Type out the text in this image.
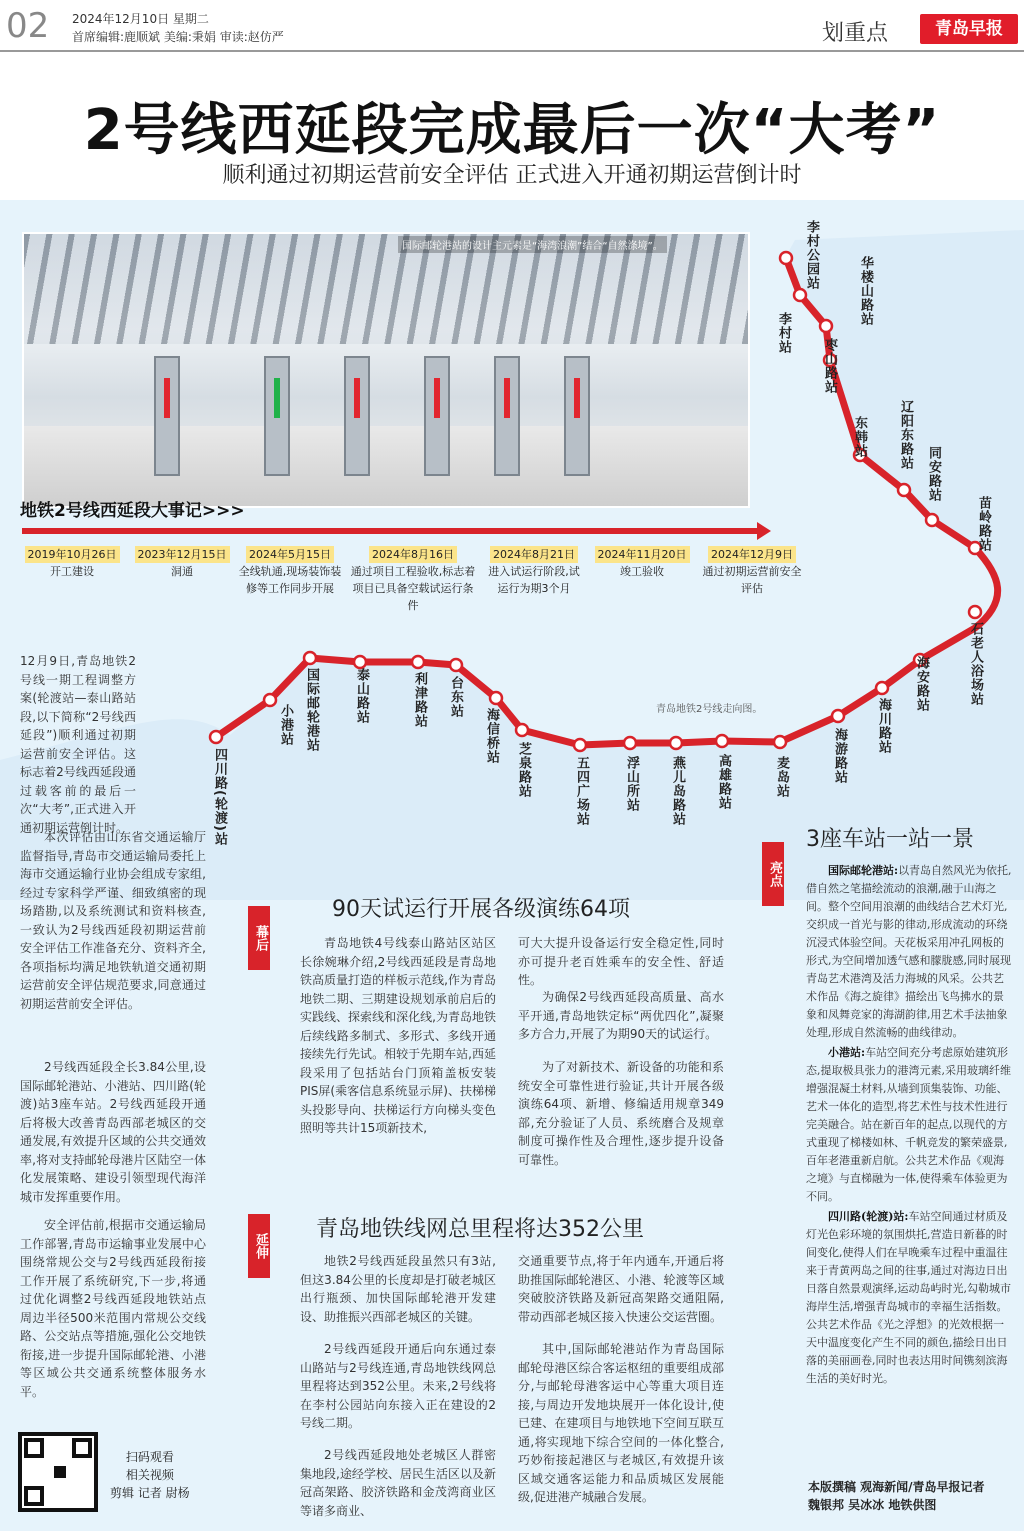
02 2024年12月10日 星期二
首席编辑:鹿顺斌 美编:秉娟 审读:赵仿严	划重点	青岛早报
2号线西延段完成最后一次“大考”
顺利通过初期运营前安全评估 正式进入开通初期运营倒计时
国际邮轮港站的设计主元素是“海湾浪潮”结合“自然涤境”。
地铁2号线西延段大事记>>>
2019年10月26日
开工建设
2023年12月15日
洞通
2024年5月15日
全线轨通,现场装饰装修等工作同步开展
2024年8月16日
通过项目工程验收,标志着项目已具备空载试运行条件
2024年8月21日
进入试运行阶段,试运行为期3个月
2024年11月20日
竣工验收
2024年12月9日
通过初期运营前安全评估
四川路(轮渡)站
小港站 国际邮轮港站	泰山路站	利津路站 台东站
海信桥站
芝泉路站	五四广场站	浮山所站 燕儿岛路站 高雄路站	麦岛站	海游路站
海川路站
海安路站	石老人浴场站
苗岭路站
同安路站
辽阳东路站
东韩站
枣山路站
华楼山路站
李村站
李村公园站
青岛地铁2号线走向图。
12月9日,青岛地铁2号线一期工程调整方案(轮渡站—泰山路站段,以下简称“2号线西延段”)顺利通过初期运营前安全评估。这标志着2号线西延段通过载客前的最后一次“大考”,正式进入开通初期运营倒计时。
本次评估由山东省交通运输厅监督指导,青岛市交通运输局委托上海市交通运输行业协会组成专家组,经过专家科学严谨、细致缜密的现场踏勘,以及系统测试和资料核查,一致认为2号线西延段初期运营前安全评估工作准备充分、资料齐全,各项指标均满足地铁轨道交通初期运营前安全评估规范要求,同意通过初期运营前安全评估。
2号线西延段全长3.84公里,设国际邮轮港站、小港站、四川路(轮渡)站3座车站。2号线西延段开通后将极大改善青岛西部老城区的交通发展,有效提升区域的公共交通效率,将对支持邮轮母港片区陆空一体化发展策略、建设引领型现代海洋城市发挥重要作用。
安全评估前,根据市交通运输局工作部署,青岛市运输事业发展中心围绕常规公交与2号线西延段衔接工作开展了系统研究,下一步,将通过优化调整2号线西延段地铁站点周边半径500米范围内常规公交线路、公交站点等措施,强化公交地铁衔接,进一步提升国际邮轮港、小港等区域公共交通系统整体服务水平。
幕后
90天试运行开展各级演练64项
青岛地铁4号线泰山路站区站区长徐婉琳介绍,2号线西延段是青岛地铁高质量打造的样板示范线,作为青岛地铁二期、三期建设规划承前启后的实践线、探索线和深化线,为青岛地铁后续线路多制式、多形式、多线开通接续先行先试。相较于先期车站,西延段采用了包括站台门顶箱盖板安装PIS屏(乘客信息系统显示屏)、扶梯梯头投影导向、扶梯运行方向梯头变色照明等共计15项新技术,
可大大提升设备运行安全稳定性,同时亦可提升老百姓乘车的安全性、舒适性。
为确保2号线西延段高质量、高水平开通,青岛地铁定标“两优四化”,凝聚多方合力,开展了为期90天的试运行。
为了对新技术、新设备的功能和系统安全可靠性进行验证,共计开展各级演练64项、新增、修编适用规章349部,充分验证了人员、系统磨合及规章制度可操作性及合理性,逐步提升设备可靠性。
延伸
青岛地铁线网总里程将达352公里
地铁2号线西延段虽然只有3站,但这3.84公里的长度却是打破老城区出行瓶颈、加快国际邮轮港开发建设、助推振兴西部老城区的关键。
2号线西延段开通后向东通过泰山路站与2号线连通,青岛地铁线网总里程将达到352公里。未来,2号线将在李村公园站向东接入正在建设的2号线二期。
2号线西延段地处老城区人群密集地段,途经学校、居民生活区以及新冠高架路、胶济铁路和金茂湾商业区等诸多商业、
交通重要节点,将于年内通车,开通后将助推国际邮轮港区、小港、轮渡等区域突破胶济铁路及新冠高架路交通阻隔,带动西部老城区接入快速公交运营圈。
其中,国际邮轮港站作为青岛国际邮轮母港区综合客运枢纽的重要组成部分,与邮轮母港客运中心等重大项目连接,与周边开发地块展开一体化设计,使已建、在建项目与地铁地下空间互联互通,将实现地下综合空间的一体化整合,巧妙衔接起港区与老城区,有效提升该区域交通客运能力和品质城区发展能级,促进港产城融合发展。
亮点
3座车站一站一景

国际邮轮港站:以青岛自然风光为依托,借自然之笔描绘流动的浪潮,融于山海之间。整个空间用浪潮的曲线结合艺术灯光,交织成一首光与影的律动,形成流动的环绕沉浸式体验空间。天花板采用冲孔网板的形式,为空间增加透气感和朦胧感,同时展现青岛艺术港湾及活力海城的风采。公共艺术作品《海之旋律》描绘出飞鸟拂水的景象和凤舞竞家的海湖韵律,用艺术手法抽象处理,形成自然流畅的曲线律动。

小港站:车站空间充分考虑原始建筑形态,提取极具张力的港湾元素,采用玻璃纤维增强混凝土材料,从墙到顶集装饰、功能、艺术一体化的造型,将艺术性与技术性进行完美融合。站在新百年的起点,以现代的方式重现了梯楼如林、千帆竞发的繁荣盛景,百年老港重新启航。公共艺术作品《观海之境》与直梯融为一体,使得乘车体验更为不同。

四川路(轮渡)站:车站空间通过材质及灯光色彩环境的氛围烘托,营造日新暮的时间变化,使得人们在早晚乘车过程中重温往来于青黄两岛之间的往事,通过对海边日出日落自然景观演绎,运动岛屿时光,勾勒城市海岸生活,增强青岛城市的幸福生活指数。公共艺术作品《光之浮想》的光效根据一天中温度变化产生不同的颜色,描绘日出日落的美丽画卷,同时也表达用时间镌刻滨海生活的美好时光。

扫码观看
相关视频
剪辑 记者 尉杨	本版撰稿 观海新闻/青岛早报记者
魏银邦 吴冰冰 地铁供图
